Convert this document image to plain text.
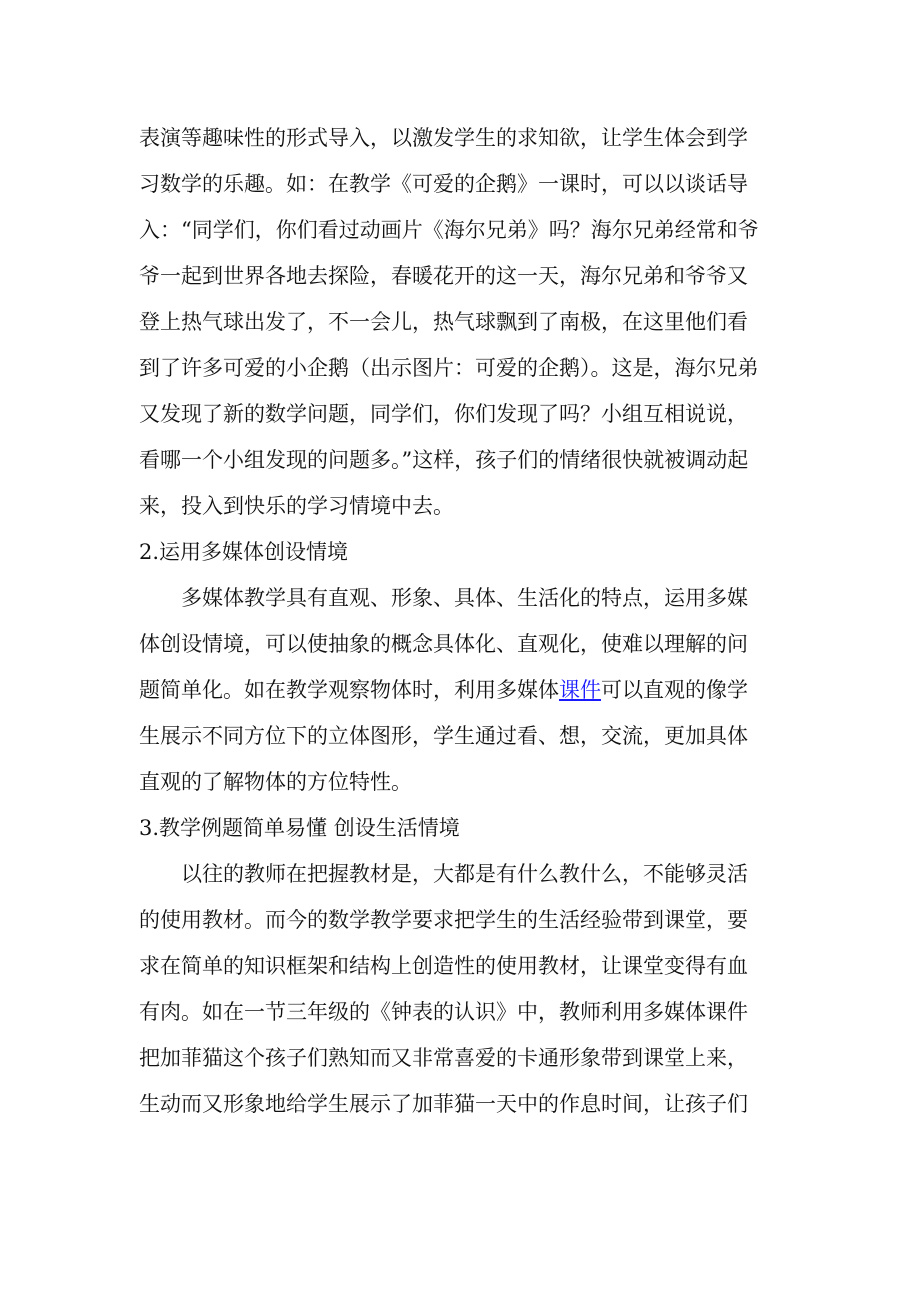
表演等趣味性的形式导入，以激发学生的求知欲，让学生体会到学
习数学的乐趣。如：在教学《可爱的企鹅》一课时，可以以谈话导
入：“同学们，你们看过动画片《海尔兄弟》吗？海尔兄弟经常和爷
爷一起到世界各地去探险，春暖花开的这一天，海尔兄弟和爷爷又
登上热气球出发了，不一会儿，热气球飘到了南极，在这里他们看
到了许多可爱的小企鹅（出示图片：可爱的企鹅）。这是，海尔兄弟
又发现了新的数学问题，同学们，你们发现了吗？小组互相说说，
看哪一个小组发现的问题多。”这样，孩子们的情绪很快就被调动起
来，投入到快乐的学习情境中去。
2.运用多媒体创设情境
多媒体教学具有直观、形象、具体、生活化的特点，运用多媒
体创设情境，可以使抽象的概念具体化、直观化，使难以理解的问
题简单化。如在教学观察物体时，利用多媒体课件可以直观的像学
生展示不同方位下的立体图形，学生通过看、想，交流，更加具体
直观的了解物体的方位特性。
3.教学例题简单易懂 创设生活情境
以往的教师在把握教材是，大都是有什么教什么，不能够灵活
的使用教材。而今的数学教学要求把学生的生活经验带到课堂，要
求在简单的知识框架和结构上创造性的使用教材，让课堂变得有血
有肉。如在一节三年级的《钟表的认识》中，教师利用多媒体课件
把加菲猫这个孩子们熟知而又非常喜爱的卡通形象带到课堂上来，
生动而又形象地给学生展示了加菲猫一天中的作息时间，让孩子们
